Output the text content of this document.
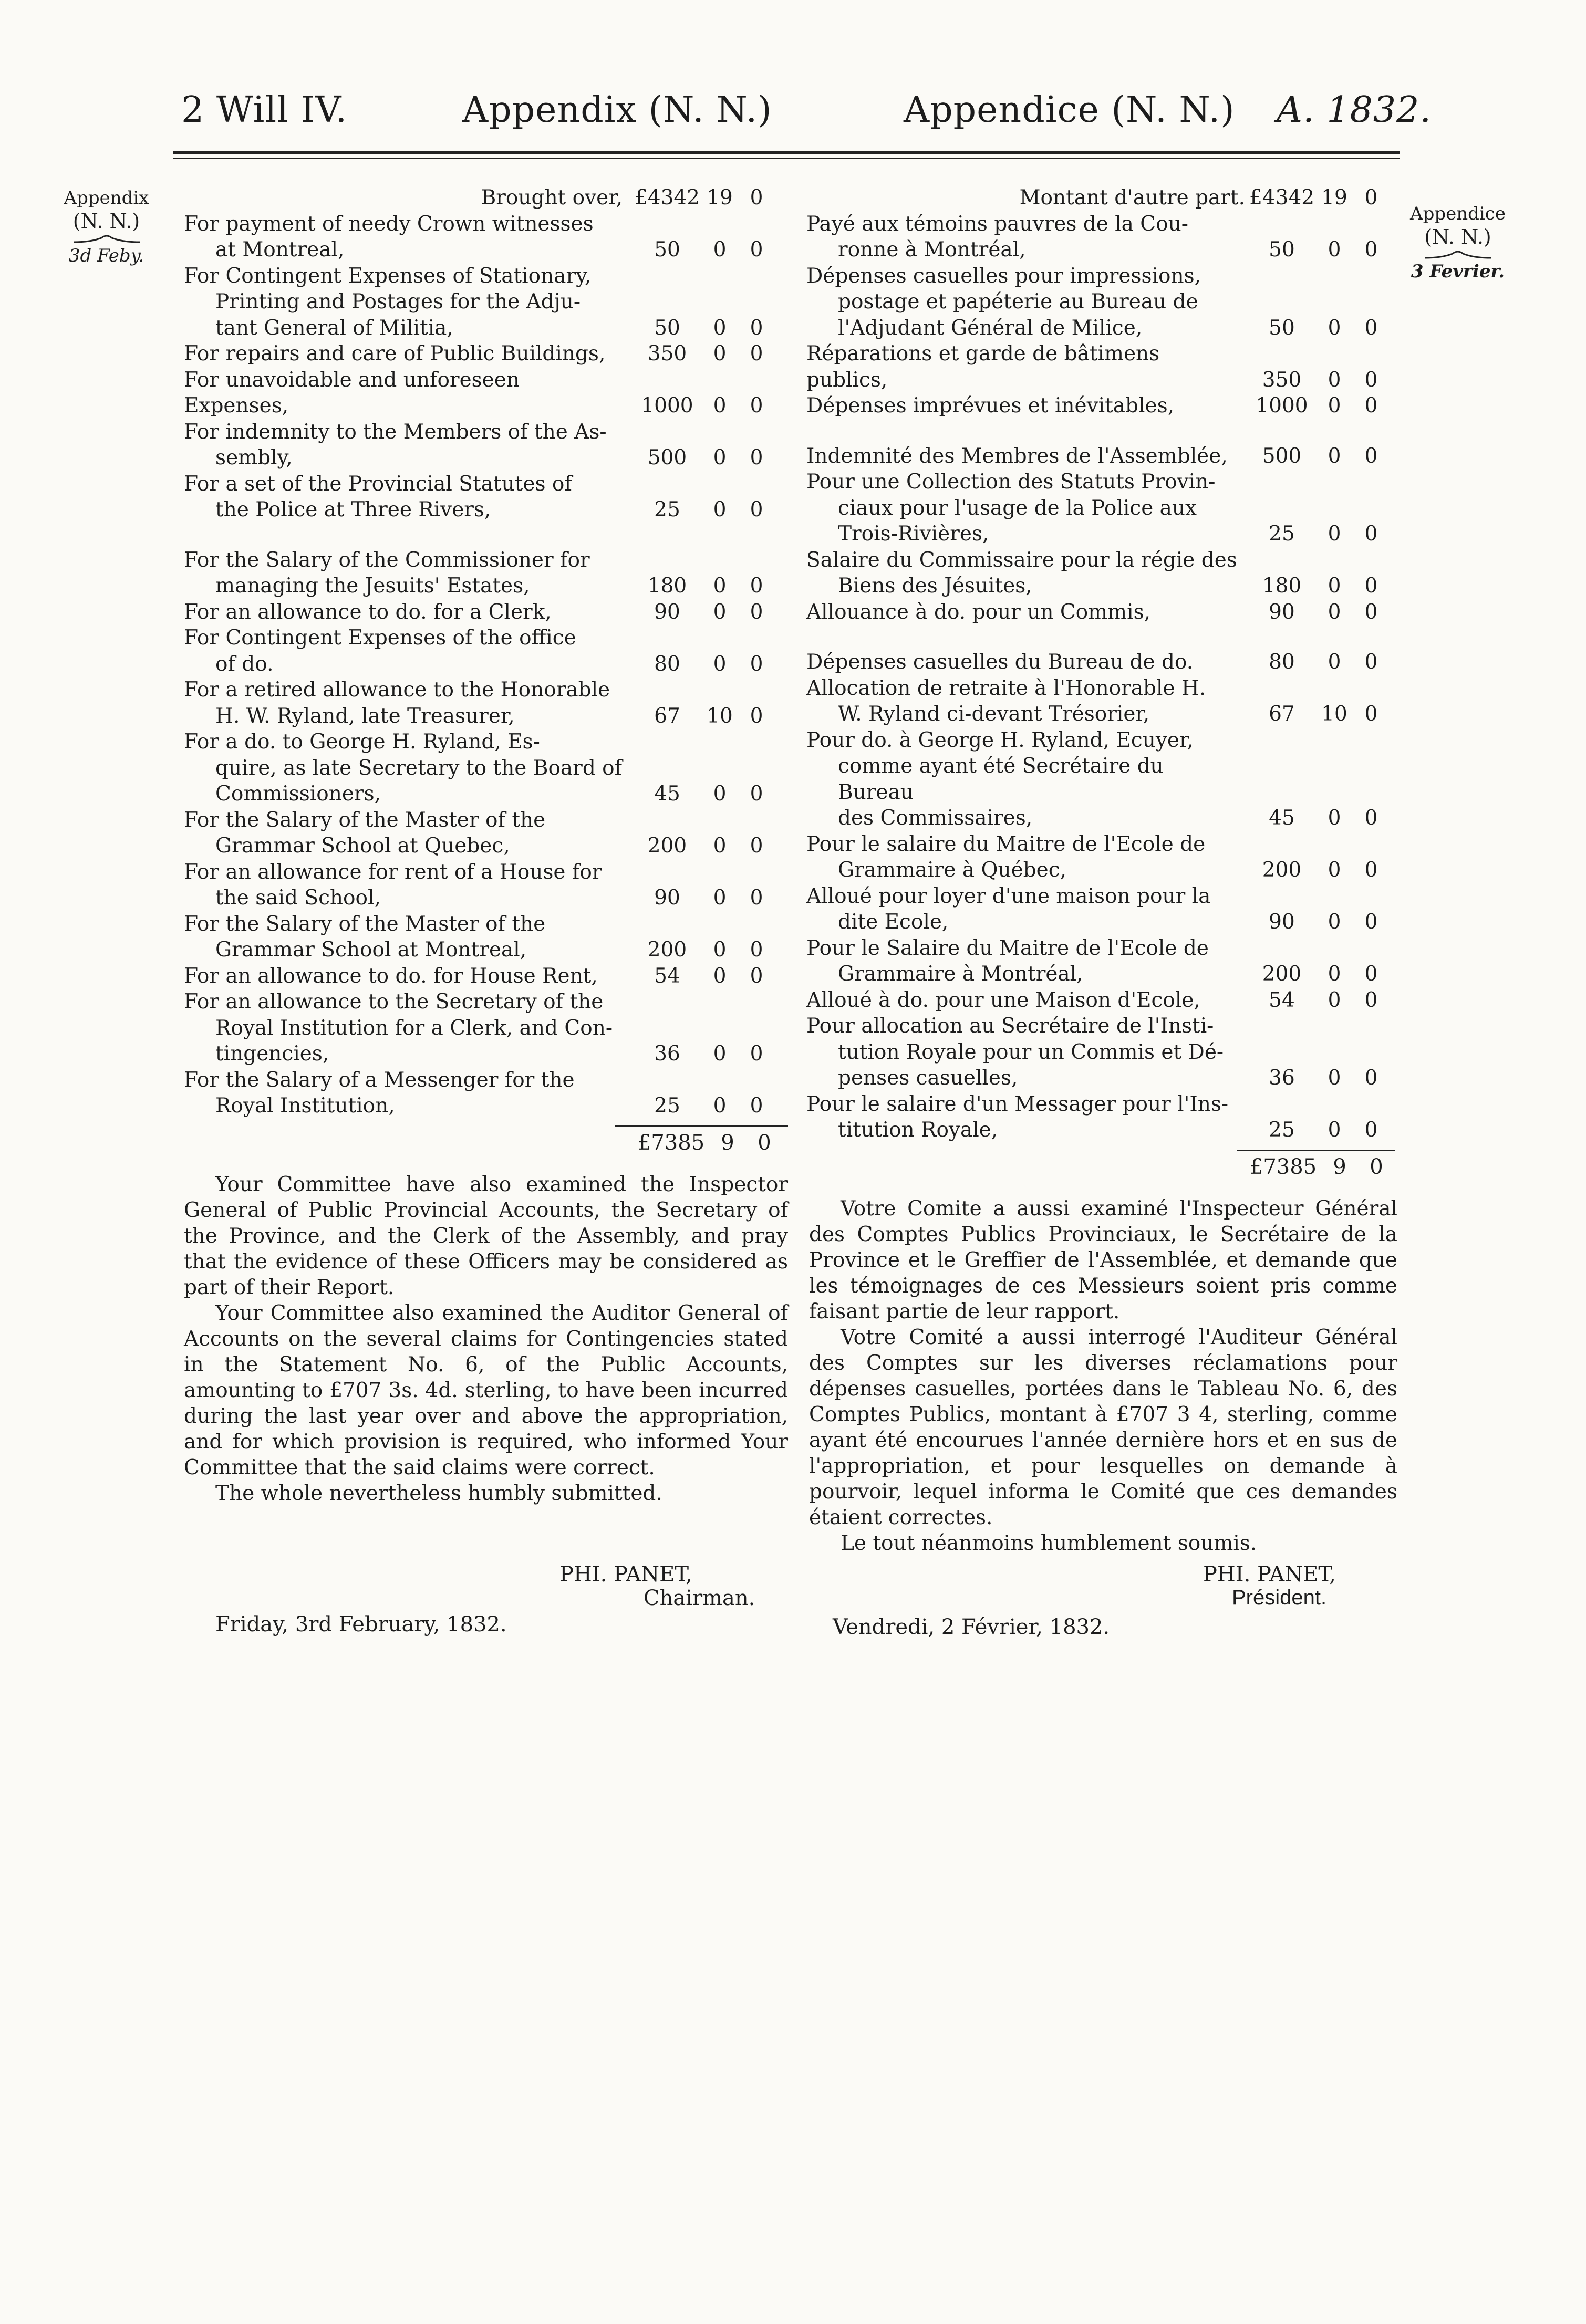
2 Will IV.	Appendix (N. N.)	Appendice (N. N.) A. 1832.
Appendix
(N. N.)
3d Feby.
Appendice
(N. N.)
3 Fevrier.
Brought over, £4342 19 0
For payment of needy Crown witnesses
at Montreal,	50 0 0
For Contingent Expenses of Stationary,
Printing and Postages for the Adju-
tant General of Militia,	50 0 0
For repairs and care of Public Buildings,	350 0 0
For unavoidable and unforeseen Expenses,	1000 0 0
For indemnity to the Members of the As-
sembly,	500 0 0
For a set of the Provincial Statutes of
the Police at Three Rivers,	25 0 0
For the Salary of the Commissioner for
managing the Jesuits' Estates,	180 0 0
For an allowance to do. for a Clerk,	90 0 0
For Contingent Expenses of the office
of do.	80 0 0
For a retired allowance to the Honorable
H. W. Ryland, late Treasurer,	67 10 0
For a do. to George H. Ryland, Es-
quire, as late Secretary to the Board of
Commissioners,	45 0 0
For the Salary of the Master of the
Grammar School at Quebec,	200 0 0
For an allowance for rent of a House for
the said School,	90 0 0
For the Salary of the Master of the
Grammar School at Montreal,	200 0 0
For an allowance to do. for House Rent,	54 0 0
For an allowance to the Secretary of the
Royal Institution for a Clerk, and Con-
tingencies,	36 0 0
For the Salary of a Messenger for the
Royal Institution,	25 0 0
Montant d'autre part. £4342 19 0
Payé aux témoins pauvres de la Cou-
ronne à Montréal,	50 0 0
Dépenses casuelles pour impressions,
postage et papéterie au Bureau de
l'Adjudant Général de Milice,	50 0 0
Réparations et garde de bâtimens publics,	350 0 0
Dépenses imprévues et inévitables,	1000 0 0
Indemnité des Membres de l'Assemblée,	500 0 0
Pour une Collection des Statuts Provin-
ciaux pour l'usage de la Police aux
Trois-Rivières,	25 0 0
Salaire du Commissaire pour la régie des
Biens des Jésuites,	180 0 0
Allouance à do. pour un Commis,	90 0 0
Dépenses casuelles du Bureau de do.	80 0 0
Allocation de retraite à l'Honorable H.
W. Ryland ci-devant Trésorier,	67 10 0
Pour do. à George H. Ryland, Ecuyer,
comme ayant été Secrétaire du Bureau
des Commissaires,	45 0 0
Pour le salaire du Maitre de l'Ecole de
Grammaire à Québec,	200 0 0
Alloué pour loyer d'une maison pour la
dite Ecole,	90 0 0
Pour le Salaire du Maitre de l'Ecole de
Grammaire à Montréal,	200 0 0
Alloué à do. pour une Maison d'Ecole,	54 0 0
Pour allocation au Secrétaire de l'Insti-
tution Royale pour un Commis et Dé-
penses casuelles,	36 0 0
Pour le salaire d'un Messager pour l'Ins-
titution Royale,	25 0 0
£7385 9 0
£7385 9 0

Your Committee have also examined the Inspector General of Public Provincial Accounts, the Secretary of the Province, and the Clerk of the Assembly, and pray that the evidence of these Officers may be considered as part of their Report.

Your Committee also examined the Auditor General of Accounts on the several claims for Contingencies stated in the Statement No. 6, of the Public Accounts, amounting to £707 3s. 4d. sterling, to have been incurred during the last year over and above the appropriation, and for which provision is required, who informed Your Committee that the said claims were correct.

The whole nevertheless humbly submitted.

Votre Comite a aussi examiné l'Inspecteur Général des Comptes Publics Provinciaux, le Secrétaire de la Province et le Greffier de l'Assemblée, et demande que les témoignages de ces Messieurs soient pris comme faisant partie de leur rapport.

Votre Comité a aussi interrogé l'Auditeur Général des Comptes sur les diverses réclamations pour dépenses casuelles, portées dans le Tableau No. 6, des Comptes Publics, montant à £707 3 4, sterling, comme ayant été encourues l'année dernière hors et en sus de l'appropriation, et pour lesquelles on demande à pourvoir, lequel informa le Comité que ces demandes étaient correctes.

Le tout néanmoins humblement soumis.

PHI. PANET,
Chairman.
Friday, 3rd February, 1832.
PHI. PANET,
Président.
Vendredi, 2 Février, 1832.
